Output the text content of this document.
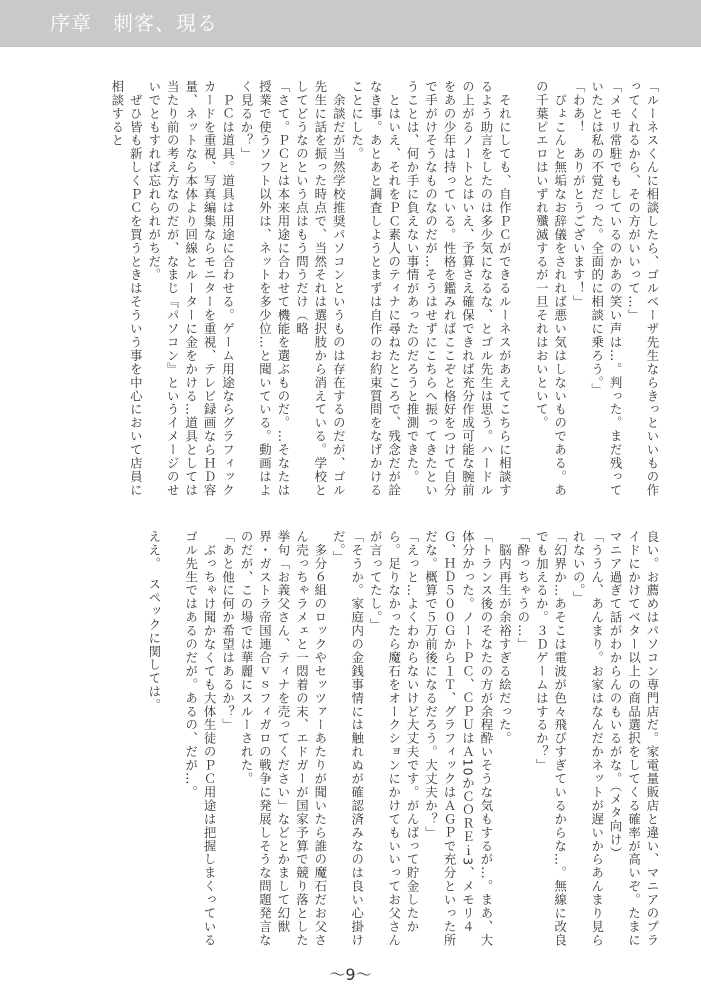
序章　刺客、現る

「ルーネスくんに相談したら、ゴルベーザ先生ならきっといいもの作ってくれるから、その方がいいって…」

「メモリ常駐でもしているのかあの笑い声は…。判った。まだ残っていたとは私の不覚だった。全面的に相談に乗ろう。」

「わあ！　ありがとうございます！」

　ぴょこんと無垢なお辞儀をされれば悪い気はしないものである。あの千葉ピエロはいずれ殲滅するが一旦それはおいといて。

　それにしても、自作ＰＣができるルーネスがあえてこちらに相談するよう助言をしたのは多少気になるな、とゴル先生は思う。ハードルの上がるノートとはいえ、予算さえ確保できれば充分作成可能な腕前をあの少年は持っている。性格を鑑みればここぞと格好をつけて自分で手がけそうなものなのだが…そうはせずにこちらへ振ってきたということは、何か手に負えない事情があったのだろうと推測できた。

　とはいえ、それをＰＣ素人のティナに尋ねたところで、残念だが詮なき事。あとあと調査しようとまずは自作のお約束質問をなげかけることにした。

　余談だが当然学校推奨パソコンというものは存在するのだが、ゴル先生に話を振った時点で、当然それは選択肢から消えている。学校としてどうなのという点はもう問うだけ（略

「さて。ＰＣとは本来用途に合わせて機能を選ぶものだ。…そなたは授業で使うソフト以外は、ネットを多少位…と聞いている。動画はよく見るか？」

　ＰＣは道具。道具は用途に合わせる。ゲーム用途ならグラフィックカードを重視、写真編集ならモニターを重視、テレビ録画ならＨＤ容量、ネットなら本体より回線とルーターに金をかける…道具としては当たり前の考え方なのだが、なまじ『パソコン』というイメージのせいでともすれば忘れられがちだ。

　ぜひ皆も新しくＰＣを買うときはそういう事を中心において店員に相談すると

良い。お薦めはパソコン専門店だ。家電量販店と違い、マニアのプライドにかけてベター以上の商品選択をしてくる確率が高いぞ。たまにマニア過ぎて話がわからんのもいるがな。（メタ向け）

「ううん、あんまり。お家はなんだかネットが遅いからあんまり見られないの。」

「幻界か…あそこは電波が色々飛びすぎているからな…。無線に改良でも加えるか。３Ｄゲームはするか？」

「酔っちゃうの…」

　脳内再生が余裕すぎる絵だった。

「トランス後のそなたの方が余程酔いそうな気もするが…。まあ、大体分かった。ノートＰＣ、ＣＰＵはＡ10かＣＯＲＥｉ3、メモリ４Ｇ、ＨＤ５００Ｇから１Ｔ、グラフィックはＡＧＰで充分といった所だな。概算で５万前後になるだろう。大丈夫か？」

「えっと…よくわからないけど大丈夫です。がんばって貯金したから。足りなかったら魔石をオークションにかけてもいいってお父さんが言ってたし。」

「そうか。家庭内の金銭事情には触れぬが確認済みなのは良い心掛けだ。」

　多分６組のロックやセッツァーあたりが聞いたら誰の魔石だお父さん売っちゃラメェと一悶着の末、エドガーが国家予算で競り落とした挙句「お義父さん、ティナを売ってください」などとかまして幻獣界・ガストラ帝国連合ｖｓフィガロの戦争に発展しそうな問題発言なのだが、この場では華麗にスルーされた。

「あと他に何か希望はあるか？」

　ぶっちゃけ聞かなくても大体生徒のＰＣ用途は把握しまくっているゴル先生ではあるのだが。あるの、だが…。

ええ。　スペックに関しては。

～9～
